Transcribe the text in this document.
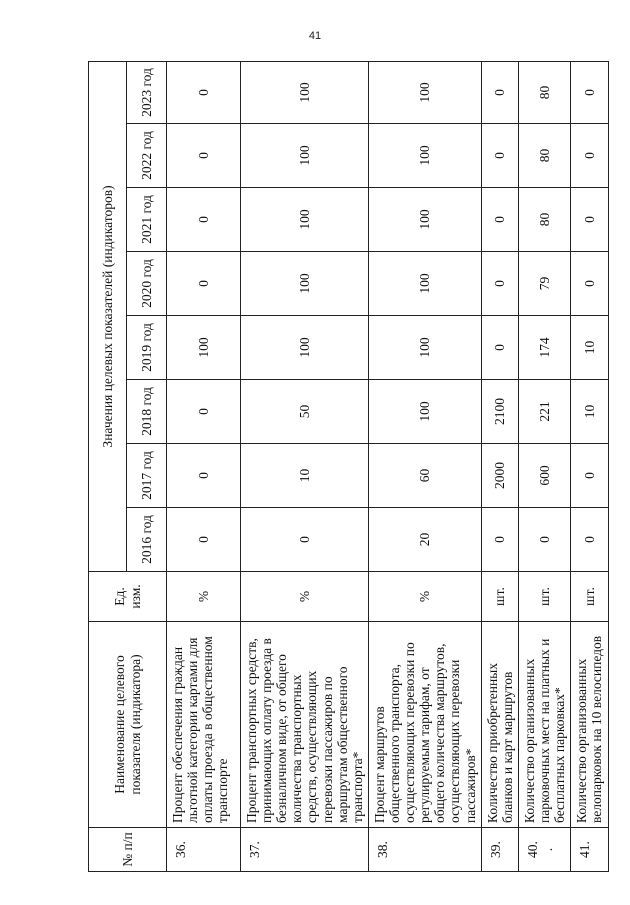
41
№ п/п	Наименование целевого показателя (индикатора)	Ед. изм.	Значения целевых показателей (индикаторов)							
			2016 год	2017 год	2018 год	2019 год	2020 год	2021 год	2022 год	2023 год
36.	Процент обеспечения граждан льготной категории картами для оплаты проезда в общественном транспорте	%	0	0	0	100	0	0	0	0
37.	Процент транспортных средств, принимающих оплату проезда в безналичном виде, от общего количества транспортных средств, осуществляющих перевозки пассажиров по маршрутам общественного транспорта*	%	0	10	50	100	100	100	100	100
38.	Процент маршрутов общественного транспорта, осуществляющих перевозки по регулируемым тарифам, от общего количества маршрутов, осуществляющих перевозки пассажиров*	%	20	60	100	100	100	100	100	100
39.	Количество приобретенных бланков и карт маршрутов	шт.	0	2000	2100	0	0	0	0	0

40. .	Количество организованных парковочных мест на платных и бесплатных парковках*	шт.	0	600	221	174	79	80	80	80
41.	Количество организованных велопарковок на 10 велосипедов	шт.	0	0	10	10	0	0	0	0
